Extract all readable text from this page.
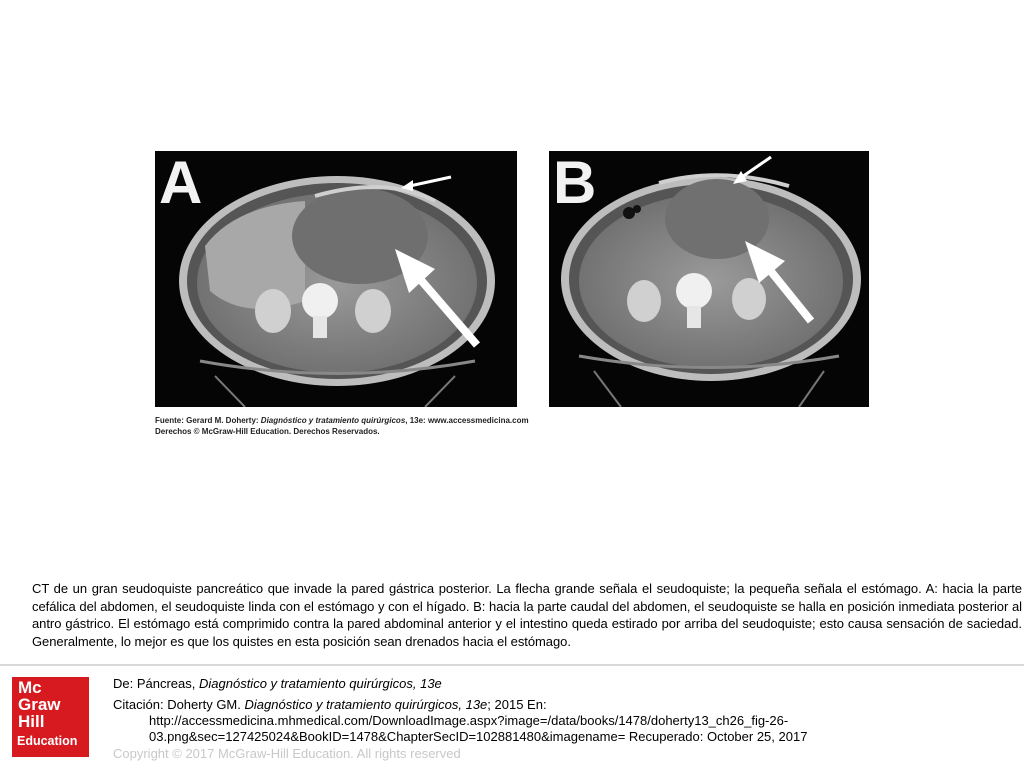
A	B
Fuente: Gerard M. Doherty: Diagnóstico y tratamiento quirúrgicos, 13e: www.accessmedicina.com
Derechos © McGraw-Hill Education. Derechos Reservados.
CT de un gran seudoquiste pancreático que invade la pared gástrica posterior. La flecha grande señala el seudoquiste; la pequeña señala el estómago. A: hacia la parte cefálica del abdomen, el seudoquiste linda con el estómago y con el hígado. B: hacia la parte caudal del abdomen, el seudoquiste se halla en posición inmediata posterior al antro gástrico. El estómago está comprimido contra la pared abdominal anterior y el intestino queda estirado por arriba del seudoquiste; esto causa sensación de saciedad. Generalmente, lo mejor es que los quistes en esta posición sean drenados hacia el estómago.
Mc
Graw
Hill
Education
De: Páncreas, Diagnóstico y tratamiento quirúrgicos, 13e
Citación: Doherty GM. Diagnóstico y tratamiento quirúrgicos, 13e; 2015 En:
http://accessmedicina.mhmedical.com/DownloadImage.aspx?image=/data/books/1478/doherty13_ch26_fig-26-03.png&sec=127425024&BookID=1478&ChapterSecID=102881480&imagename= Recuperado: October 25, 2017
Copyright © 2017 McGraw-Hill Education. All rights reserved
